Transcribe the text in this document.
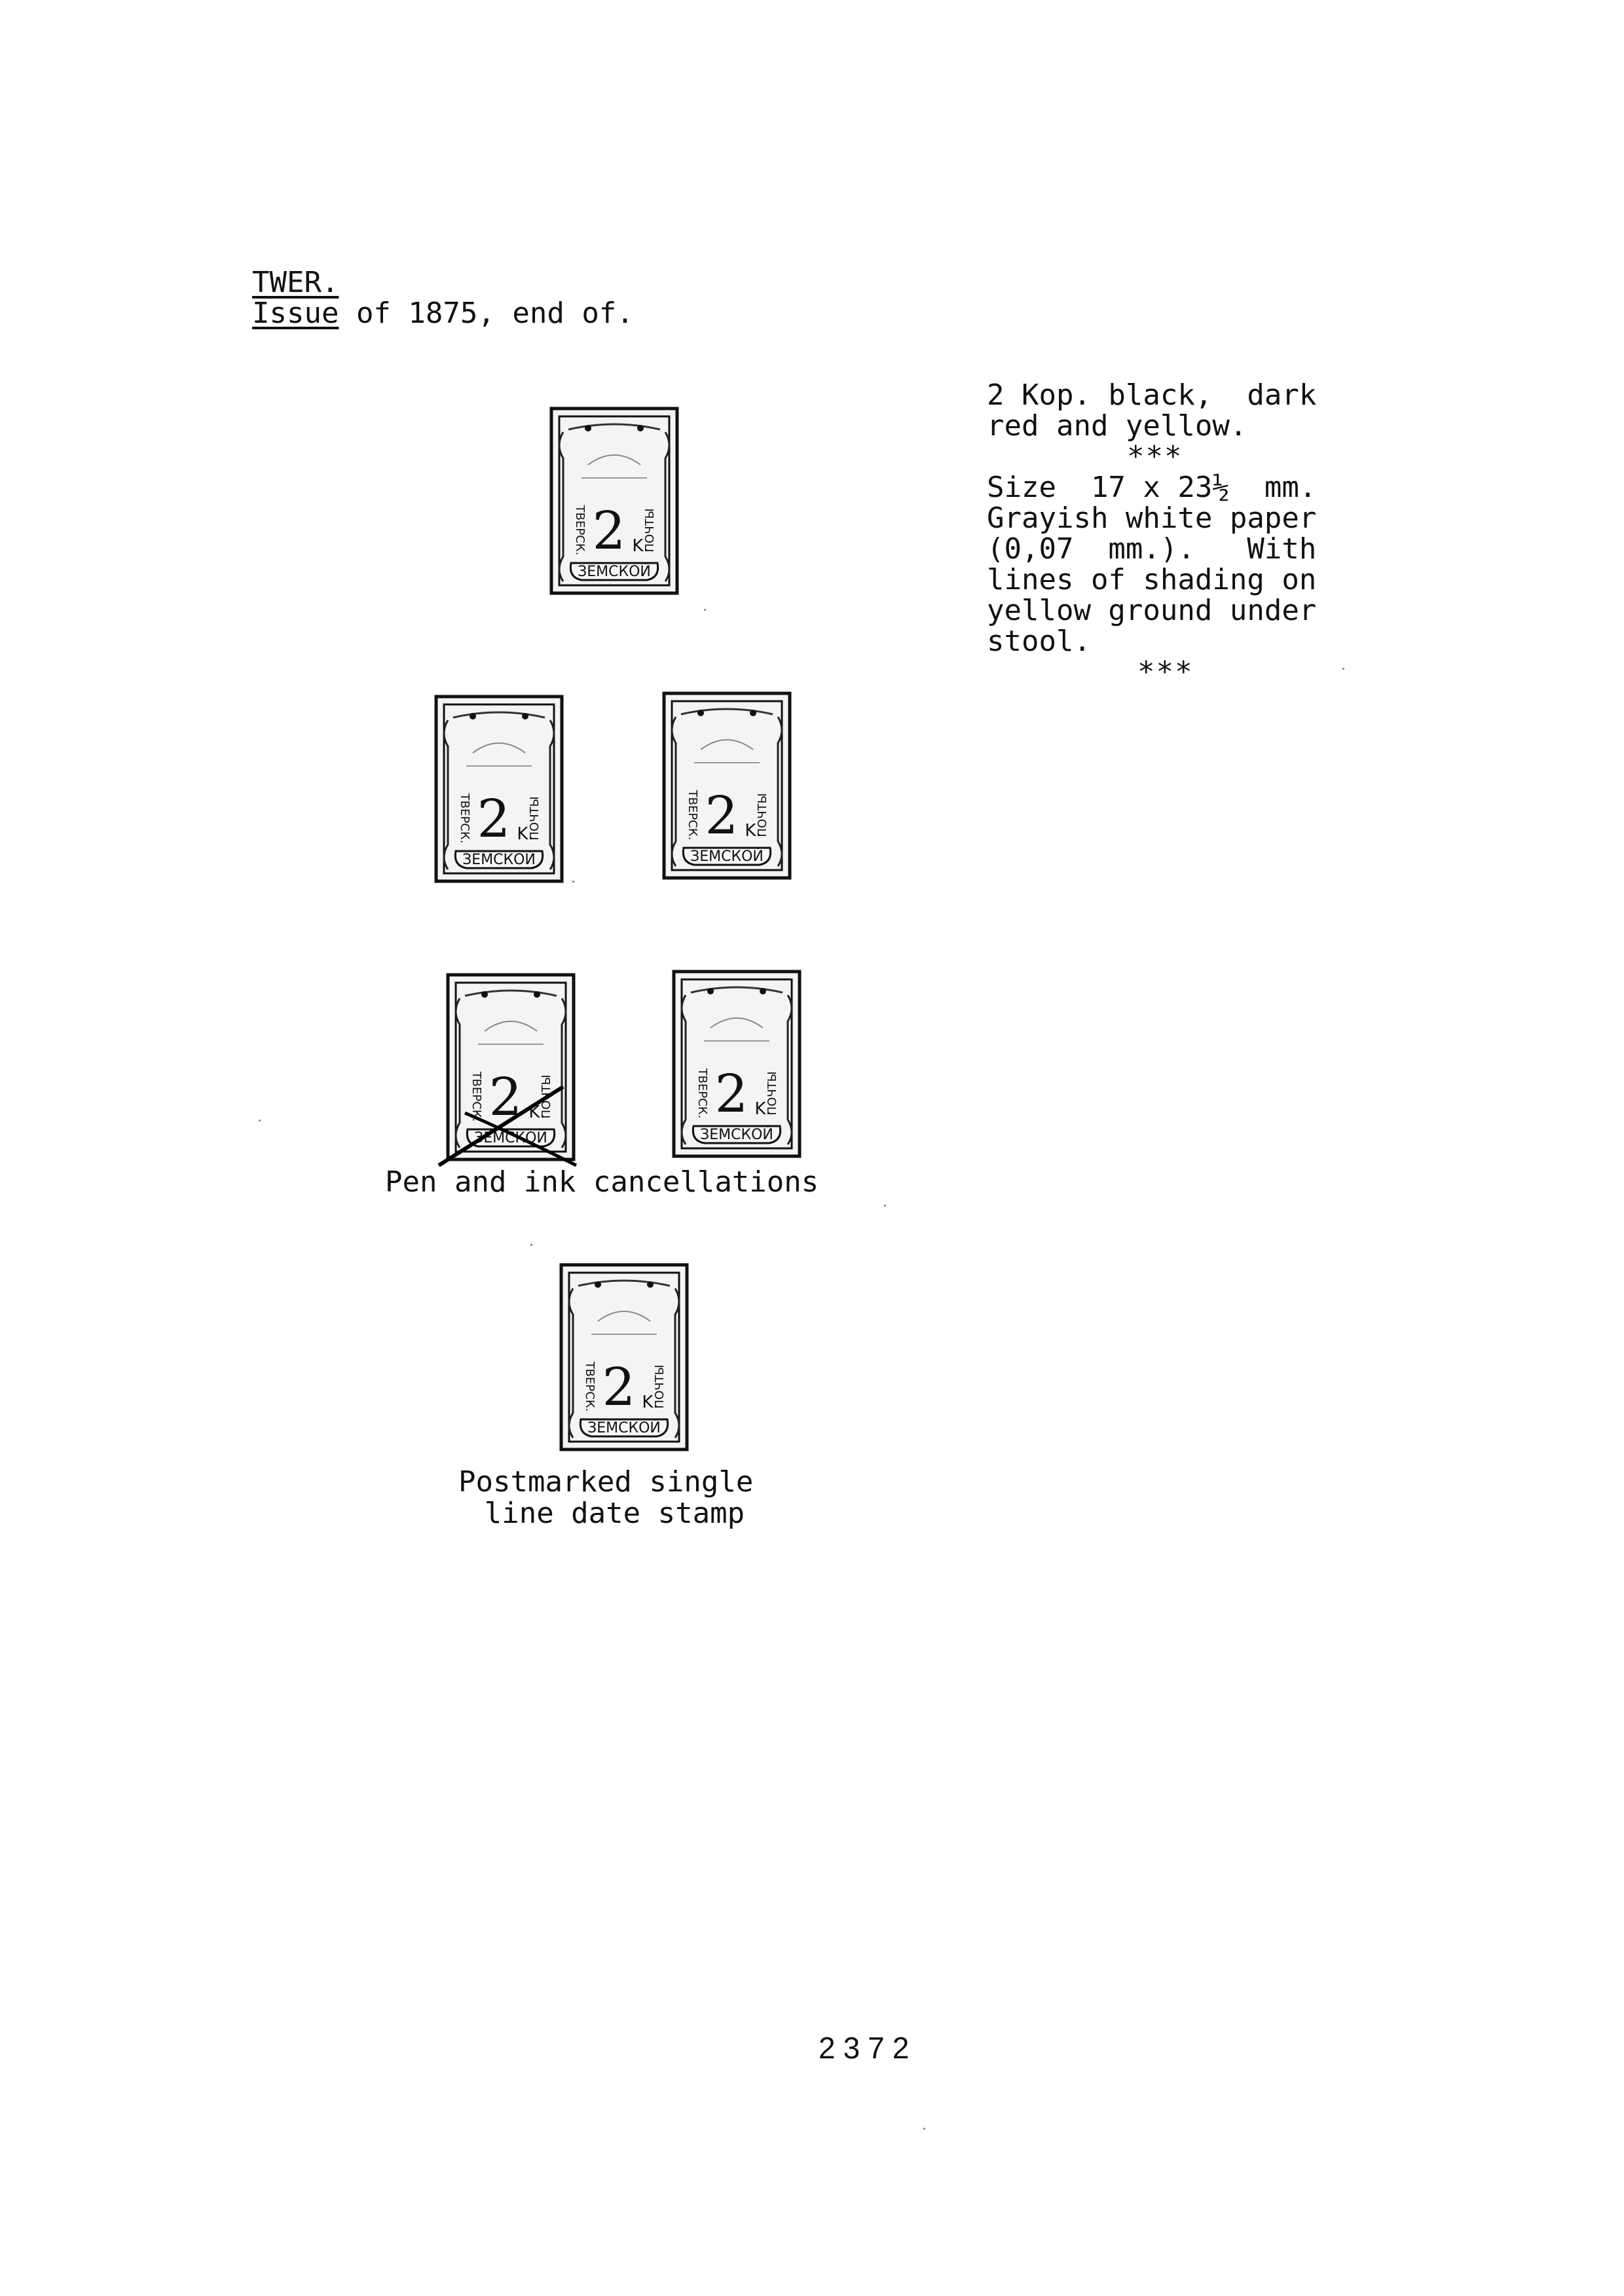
TWER.
Issue of 1875, end of.
2 Kop. black,  dark
red and yellow.

***
Size  17 x 23½  mm.
Grayish white paper
(0,07  mm.).   With
lines of shading on
yellow ground under
stool.

***
2 K.
ЗЕМСКОЙ
ТВЕРСК.	ПОЧТЫ
2 K.
ЗЕМСКОЙ
ТВЕРСК.	ПОЧТЫ	2 K.
ЗЕМСКОЙ
ТВЕРСК.	ПОЧТЫ
2 K.
ЗЕМСКОЙ
ТВЕРСК.	ПОЧТЫ	2 K.
ЗЕМСКОЙ
ТВЕРСК.	ПОЧТЫ
2 K.
ЗЕМСКОЙ
ТВЕРСК.	ПОЧТЫ
Pen and ink cancellations
Postmarked single
line date stamp
2372
